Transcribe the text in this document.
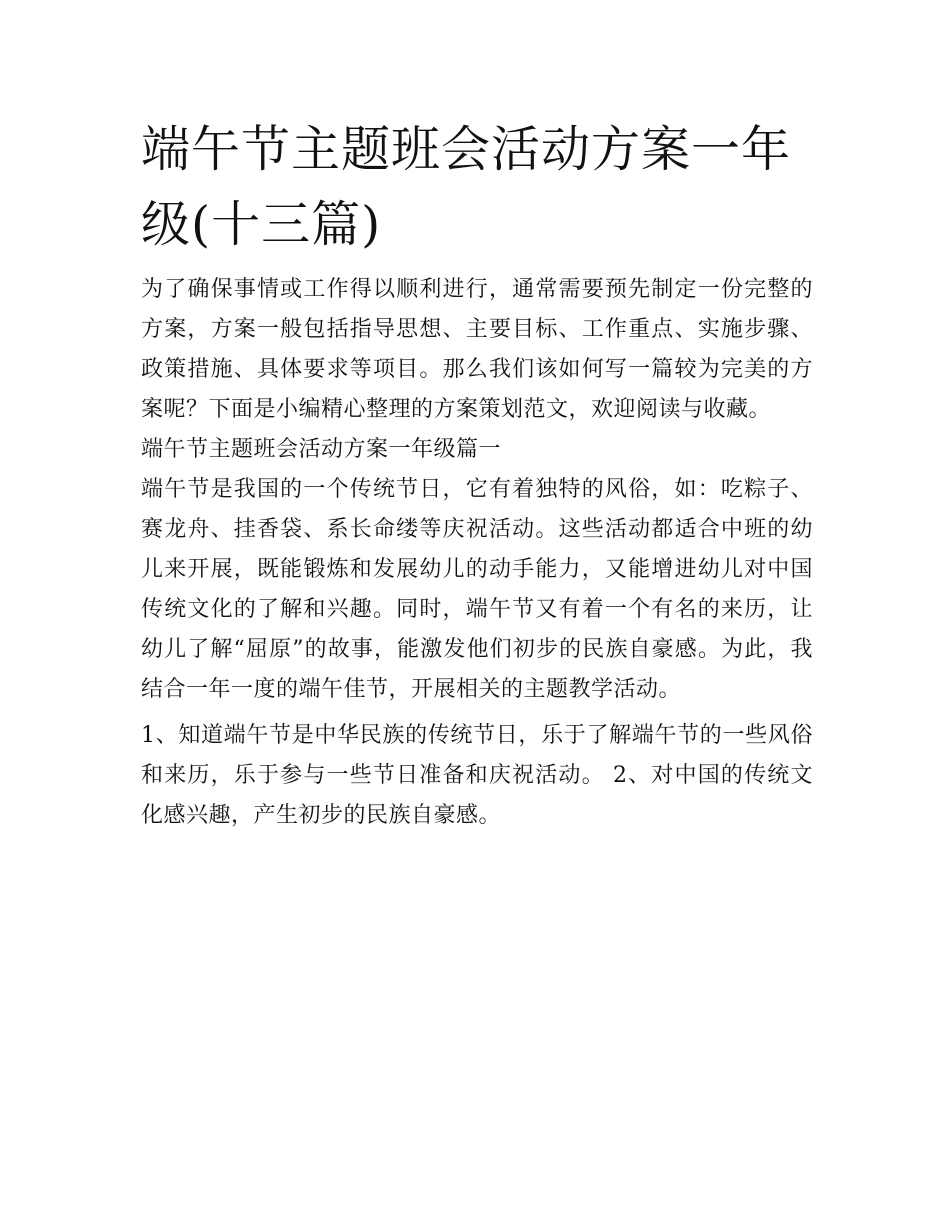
端午节主题班会活动方案一年级(十三篇)

为了确保事情或工作得以顺利进行，通常需要预先制定一份完整的方案，方案一般包括指导思想、主要目标、工作重点、实施步骤、政策措施、具体要求等项目。那么我们该如何写一篇较为完美的方案呢？下面是小编精心整理的方案策划范文，欢迎阅读与收藏。

端午节主题班会活动方案一年级篇一

端午节是我国的一个传统节日，它有着独特的风俗，如：吃粽子、赛龙舟、挂香袋、系长命缕等庆祝活动。这些活动都适合中班的幼儿来开展，既能锻炼和发展幼儿的动手能力，又能增进幼儿对中国传统文化的了解和兴趣。同时，端午节又有着一个有名的来历，让幼儿了解“屈原”的故事，能激发他们初步的民族自豪感。为此，我结合一年一度的端午佳节，开展相关的主题教学活动。

1、知道端午节是中华民族的传统节日，乐于了解端午节的一些风俗和来历，乐于参与一些节日准备和庆祝活动。 2、对中国的传统文化感兴趣，产生初步的民族自豪感。
